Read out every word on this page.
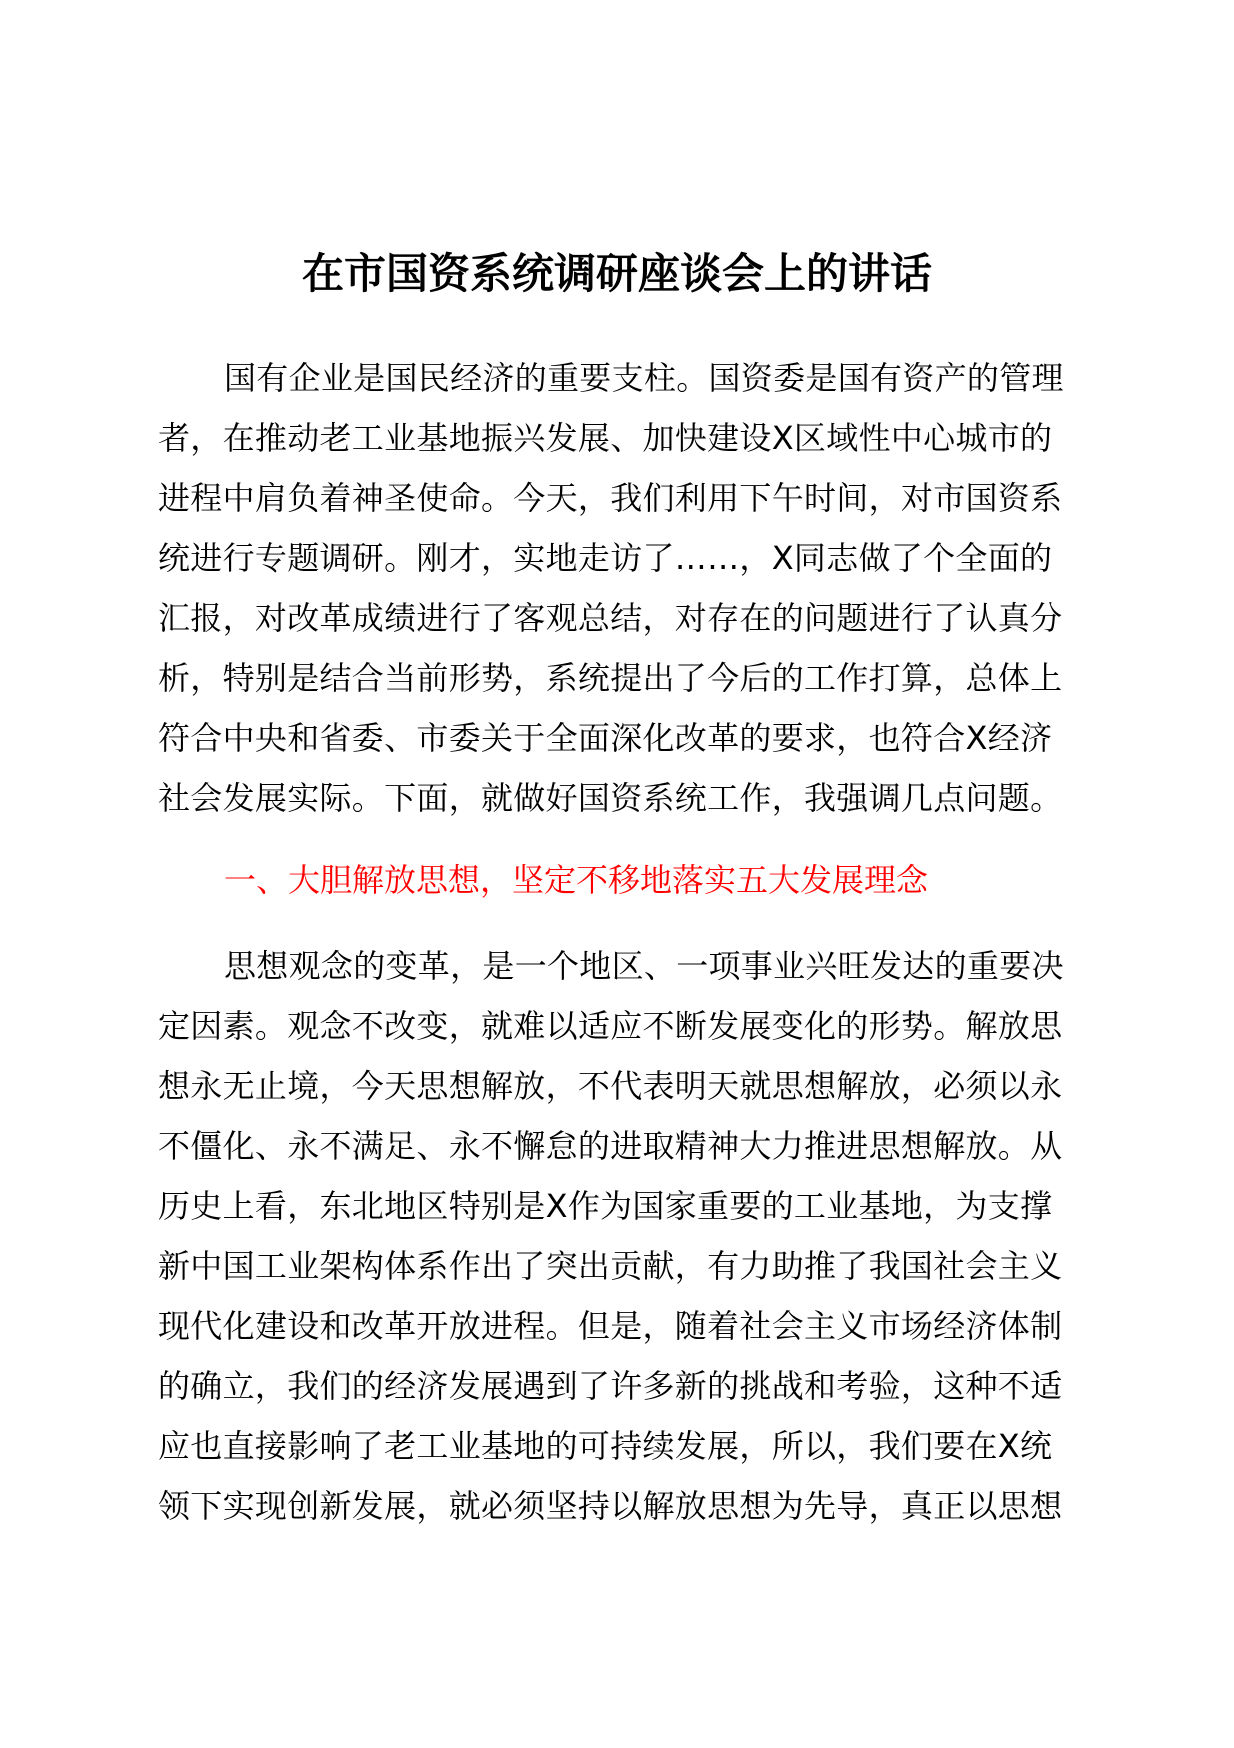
在市国资系统调研座谈会上的讲话
国有企业是国民经济的重要支柱。国资委是国有资产的管理
者，在推动老工业基地振兴发展、加快建设X区域性中心城市的
进程中肩负着神圣使命。今天，我们利用下午时间，对市国资系
统进行专题调研。刚才，实地走访了……，X同志做了个全面的
汇报，对改革成绩进行了客观总结，对存在的问题进行了认真分
析，特别是结合当前形势，系统提出了今后的工作打算，总体上
符合中央和省委、市委关于全面深化改革的要求，也符合X经济
社会发展实际。下面，就做好国资系统工作，我强调几点问题。
一、大胆解放思想，坚定不移地落实五大发展理念
思想观念的变革，是一个地区、一项事业兴旺发达的重要决
定因素。观念不改变，就难以适应不断发展变化的形势。解放思
想永无止境，今天思想解放，不代表明天就思想解放，必须以永
不僵化、永不满足、永不懈怠的进取精神大力推进思想解放。从
历史上看，东北地区特别是X作为国家重要的工业基地，为支撑
新中国工业架构体系作出了突出贡献，有力助推了我国社会主义
现代化建设和改革开放进程。但是，随着社会主义市场经济体制
的确立，我们的经济发展遇到了许多新的挑战和考验，这种不适
应也直接影响了老工业基地的可持续发展，所以，我们要在X统
领下实现创新发展，就必须坚持以解放思想为先导，真正以思想
